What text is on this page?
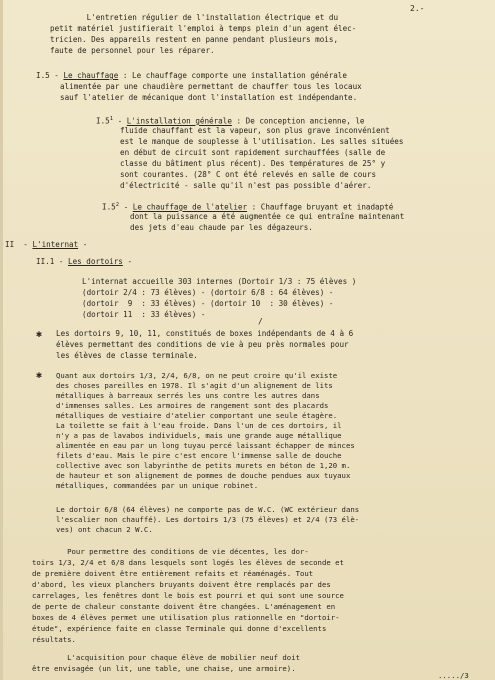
2.-

L'entretien régulier de l'installation électrique et du

petit matériel justifierait l'emploi à temps plein d'un agent élec-

tricien. Des appareils restent en panne pendant plusieurs mois,

faute de personnel pour les réparer.

I.5 - Le chauffage : Le chauffage comporte une installation générale

alimentée par une chaudière permettant de chauffer tous les locaux

sauf l'atelier de mécanique dont l'installation est indépendante.

$I.5^1$ - L'installation générale : De conception ancienne, le

fluide chauffant est la vapeur, son plus grave inconvénient

est le manque de souplesse à l'utilisation. Les salles situées

en début de circuit sont rapidement surchauffées (salle de

classe du bâtiment plus récent). Des températures de 25° y

sont courantes. (28° C ont été relevés en salle de cours

d'électricité - salle qu'il n'est pas possible d'aérer.

$I.5^2$ - Le chauffage de l'atelier : Chauffage bruyant et inadapté

dont la puissance a été augmentée ce qui entraîne maintenant

des jets d'eau chaude par les dégazeurs.

II  - L'internat -

II.1 - Les dortoirs -

L'internat accueille 303 internes (Dortoir 1/3 : 75 élèves )

(dortoir 2/4 : 73 élèves) - (dortoir 6/8 : 64 élèves) -

(dortoir  9  : 33 élèves) - (dortoir 10  : 30 élèves) -

(dortoir 11  : 33 élèves) -

/
✱ Les dortoirs 9, 10, 11, constitués de boxes indépendants de 4 à 6

élèves permettant des conditions de vie à peu près normales pour

les élèves de classe terminale.

✱ Quant aux dortoirs 1/3, 2/4, 6/8, on ne peut croire qu'il existe

des choses pareilles en 1978. Il s'agit d'un alignement de lits

métalliques à barreaux serrés les uns contre les autres dans

d'immenses salles. Les armoires de rangement sont des placards

métalliques de vestiaire d'atelier comportant une seule étagère.

La toilette se fait à l'eau froide. Dans l'un de ces dortoirs, il

n'y a pas de lavabos individuels, mais une grande auge métallique

alimentée en eau par un long tuyau percé laissant échapper de minces

filets d'eau. Mais le pire c'est encore l'immense salle de douche

collective avec son labyrinthe de petits murets en béton de 1,20 m.

de hauteur et son alignement de pommes de douche pendues aux tuyaux

métalliques, commandées par un unique robinet.

Le dortoir 6/8 (64 élèves) ne comporte pas de W.C. (WC extérieur dans

l'escalier non chauffé). Les dortoirs 1/3 (75 élèves) et 2/4 (73 élè-

ves) ont chacun 2 W.C.

Pour permettre des conditions de vie décentes, les dor-

toirs 1/3, 2/4 et 6/8 dans lesquels sont logés les élèves de seconde et

de première doivent être entièrement refaits et réaménagés. Tout

d'abord, les vieux planchers bruyants doivent être remplacés par des

carrelages, les fenêtres dont le bois est pourri et qui sont une source

de perte de chaleur constante doivent être changées. L'aménagement en

boxes de 4 élèves permet une utilisation plus rationnelle en "dortoir-

étude", expérience faite en classe Terminale qui donne d'excellents

résultats.

L'acquisition pour chaque élève de mobilier neuf doit

être envisagée (un lit, une table, une chaise, une armoire).

...../3
